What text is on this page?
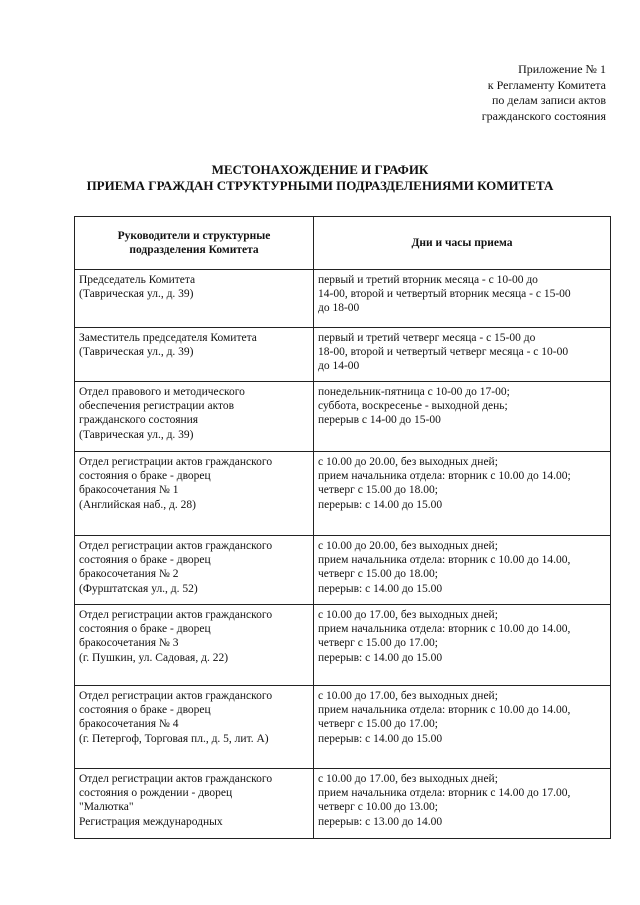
Приложение № 1
к Регламенту Комитета
по делам записи актов
гражданского состояния
МЕСТОНАХОЖДЕНИЕ И ГРАФИК
ПРИЕМА ГРАЖДАН СТРУКТУРНЫМИ ПОДРАЗДЕЛЕНИЯМИ КОМИТЕТА
Руководители и структурные
подразделения Комитета	Дни и часы приема

Председатель Комитета
(Таврическая ул., д. 39)	первый и третий вторник месяца - с 10-00 до
14-00, второй и четвертый вторник месяца - с 15-00
до 18-00

Заместитель председателя Комитета
(Таврическая ул., д. 39)	первый и третий четверг месяца - с 15-00 до
18-00, второй и четвертый четверг месяца - с 10-00
до 14-00

Отдел правового и методического
обеспечения регистрации актов
гражданского состояния
(Таврическая ул., д. 39)	понедельник-пятница с 10-00 до 17-00;
суббота, воскресенье - выходной день;
перерыв с 14-00 до 15-00

Отдел регистрации актов гражданского
состояния о браке - дворец
бракосочетания № 1
(Английская наб., д. 28)	с 10.00 до 20.00, без выходных дней;
прием начальника отдела: вторник с 10.00 до 14.00;
четверг с 15.00 до 18.00;
перерыв: с 14.00 до 15.00

Отдел регистрации актов гражданского
состояния о браке - дворец
бракосочетания № 2
(Фурштатская ул., д. 52)	с 10.00 до 20.00, без выходных дней;
прием начальника отдела: вторник с 10.00 до 14.00,
четверг с 15.00 до 18.00;
перерыв: с 14.00 до 15.00

Отдел регистрации актов гражданского
состояния о браке - дворец
бракосочетания № 3
(г. Пушкин, ул. Садовая, д. 22)	с 10.00 до 17.00, без выходных дней;
прием начальника отдела: вторник с 10.00 до 14.00,
четверг с 15.00 до 17.00;
перерыв: с 14.00 до 15.00

Отдел регистрации актов гражданского
состояния о браке - дворец
бракосочетания № 4
(г. Петергоф, Торговая пл., д. 5, лит. А)	с 10.00 до 17.00, без выходных дней;
прием начальника отдела: вторник с 10.00 до 14.00,
четверг с 15.00 до 17.00;
перерыв: с 14.00 до 15.00

Отдел регистрации актов гражданского
состояния о рождении - дворец
"Малютка"
Регистрация международных	с 10.00 до 17.00, без выходных дней;
прием начальника отдела: вторник с 14.00 до 17.00,
четверг с 10.00 до 13.00;
перерыв: с 13.00 до 14.00
